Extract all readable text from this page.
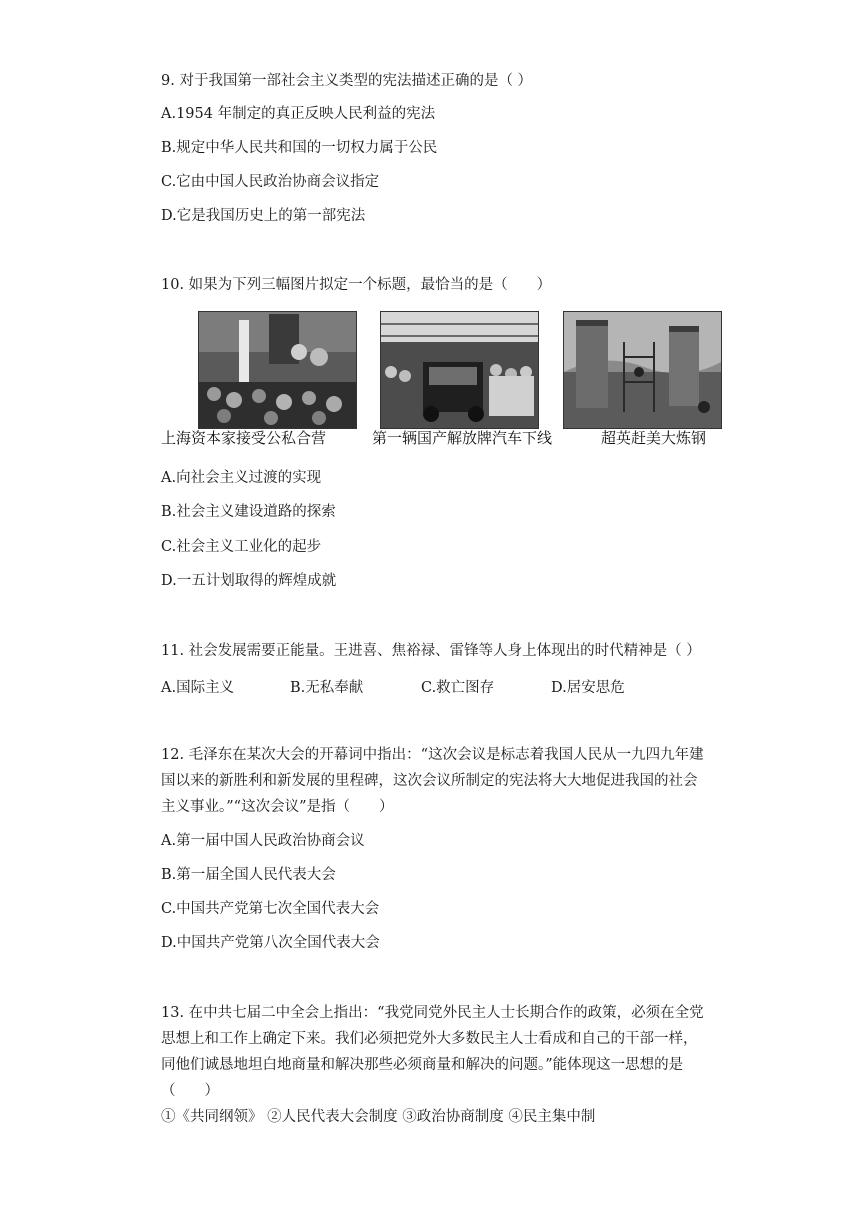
9. 对于我国第一部社会主义类型的宪法描述正确的是（ ）
A.1954 年制定的真正反映人民利益的宪法
B.规定中华人民共和国的一切权力属于公民
C.它由中国人民政治协商会议指定
D.它是我国历史上的第一部宪法
10. 如果为下列三幅图片拟定一个标题，最恰当的是（　　）
上海资本家接受公私合营	第一辆国产解放牌汽车下线	超英赶美大炼钢
A.向社会主义过渡的实现
B.社会主义建设道路的探索
C.社会主义工业化的起步
D.一五计划取得的辉煌成就
11. 社会发展需要正能量。王进喜、焦裕禄、雷锋等人身上体现出的时代精神是（ ）
A.国际主义	B.无私奉献	C.救亡图存	D.居安思危
12. 毛泽东在某次大会的开幕词中指出：“这次会议是标志着我国人民从一九四九年建
国以来的新胜利和新发展的里程碑，这次会议所制定的宪法将大大地促进我国的社会
主义事业。”“这次会议”是指（　　）
A.第一届中国人民政治协商会议
B.第一届全国人民代表大会
C.中国共产党第七次全国代表大会
D.中国共产党第八次全国代表大会
13. 在中共七届二中全会上指出：“我党同党外民主人士长期合作的政策，必须在全党
思想上和工作上确定下来。我们必须把党外大多数民主人士看成和自己的干部一样，
同他们诚恳地坦白地商量和解决那些必须商量和解决的问题。”能体现这一思想的是
（　　）
①《共同纲领》 ②人民代表大会制度 ③政治协商制度 ④民主集中制
